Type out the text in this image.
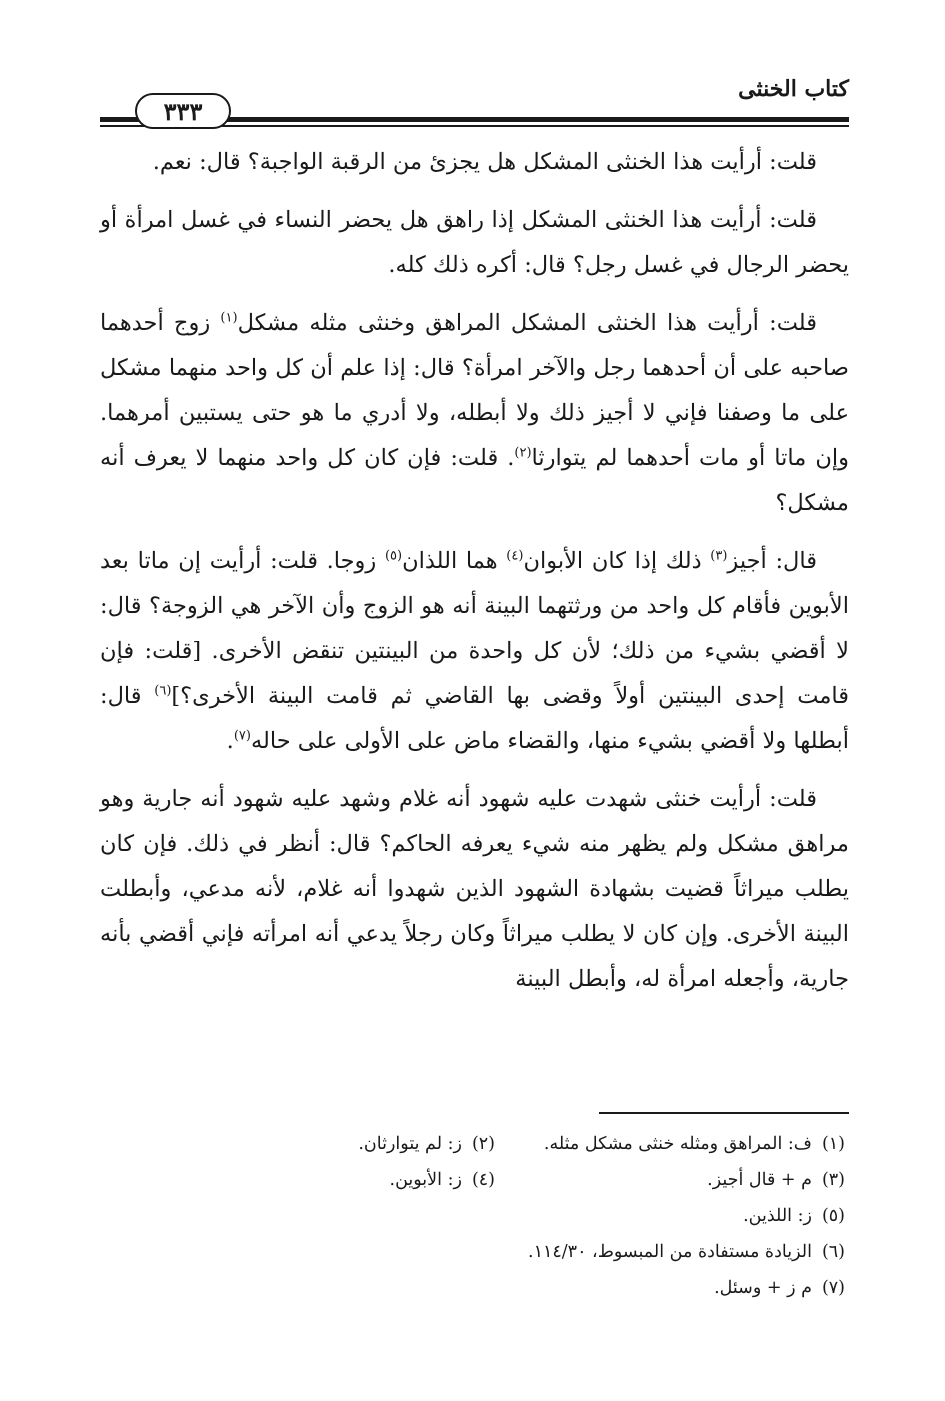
كتاب الخنثى
٣٣٣

قلت: أرأيت هذا الخنثى المشكل هل يجزئ من الرقبة الواجبة؟ قال: نعم.

قلت: أرأيت هذا الخنثى المشكل إذا راهق هل يحضر النساء في غسل امرأة أو يحضر الرجال في غسل رجل؟ قال: أكره ذلك كله.

قلت: أرأيت هذا الخنثى المشكل المراهق وخنثى مثله مشكل$^{(١)}$ زوج أحدهما صاحبه على أن أحدهما رجل والآخر امرأة؟ قال: إذا علم أن كل واحد منهما مشكل على ما وصفنا فإني لا أجيز ذلك ولا أبطله، ولا أدري ما هو حتى يستبين أمرهما. وإن ماتا أو مات أحدهما لم يتوارثا$^{(٢)}$. قلت: فإن كان كل واحد منهما لا يعرف أنه مشكل؟

قال: أجيز$^{(٣)}$ ذلك إذا كان الأبوان$^{(٤)}$ هما اللذان$^{(٥)}$ زوجا. قلت: أرأيت إن ماتا بعد الأبوين فأقام كل واحد من ورثتهما البينة أنه هو الزوج وأن الآخر هي الزوجة؟ قال: لا أقضي بشيء من ذلك؛ لأن كل واحدة من البينتين تنقض الأخرى. [قلت: فإن قامت إحدى البينتين أولاً وقضى بها القاضي ثم قامت البينة الأخرى؟]$^{(٦)}$ قال: أبطلها ولا أقضي بشيء منها، والقضاء ماض على الأولى على حاله$^{(٧)}$.

قلت: أرأيت خنثى شهدت عليه شهود أنه غلام وشهد عليه شهود أنه جارية وهو مراهق مشكل ولم يظهر منه شيء يعرفه الحاكم؟ قال: أنظر في ذلك. فإن كان يطلب ميراثاً قضيت بشهادة الشهود الذين شهدوا أنه غلام، لأنه مدعي، وأبطلت البينة الأخرى. وإن كان لا يطلب ميراثاً وكان رجلاً يدعي أنه امرأته فإني أقضي بأنه جارية، وأجعله امرأة له، وأبطل البينة

(١)ف: المراهق ومثله خنثى مشكل مثله.
(٢)ز: لم يتوارثان.
(٣)م + قال أجيز.
(٤)ز: الأبوين.
(٥)ز: اللذين.
(٦)الزيادة مستفادة من المبسوط، ١١٤/٣٠.
(٧)م ز + وسئل.
